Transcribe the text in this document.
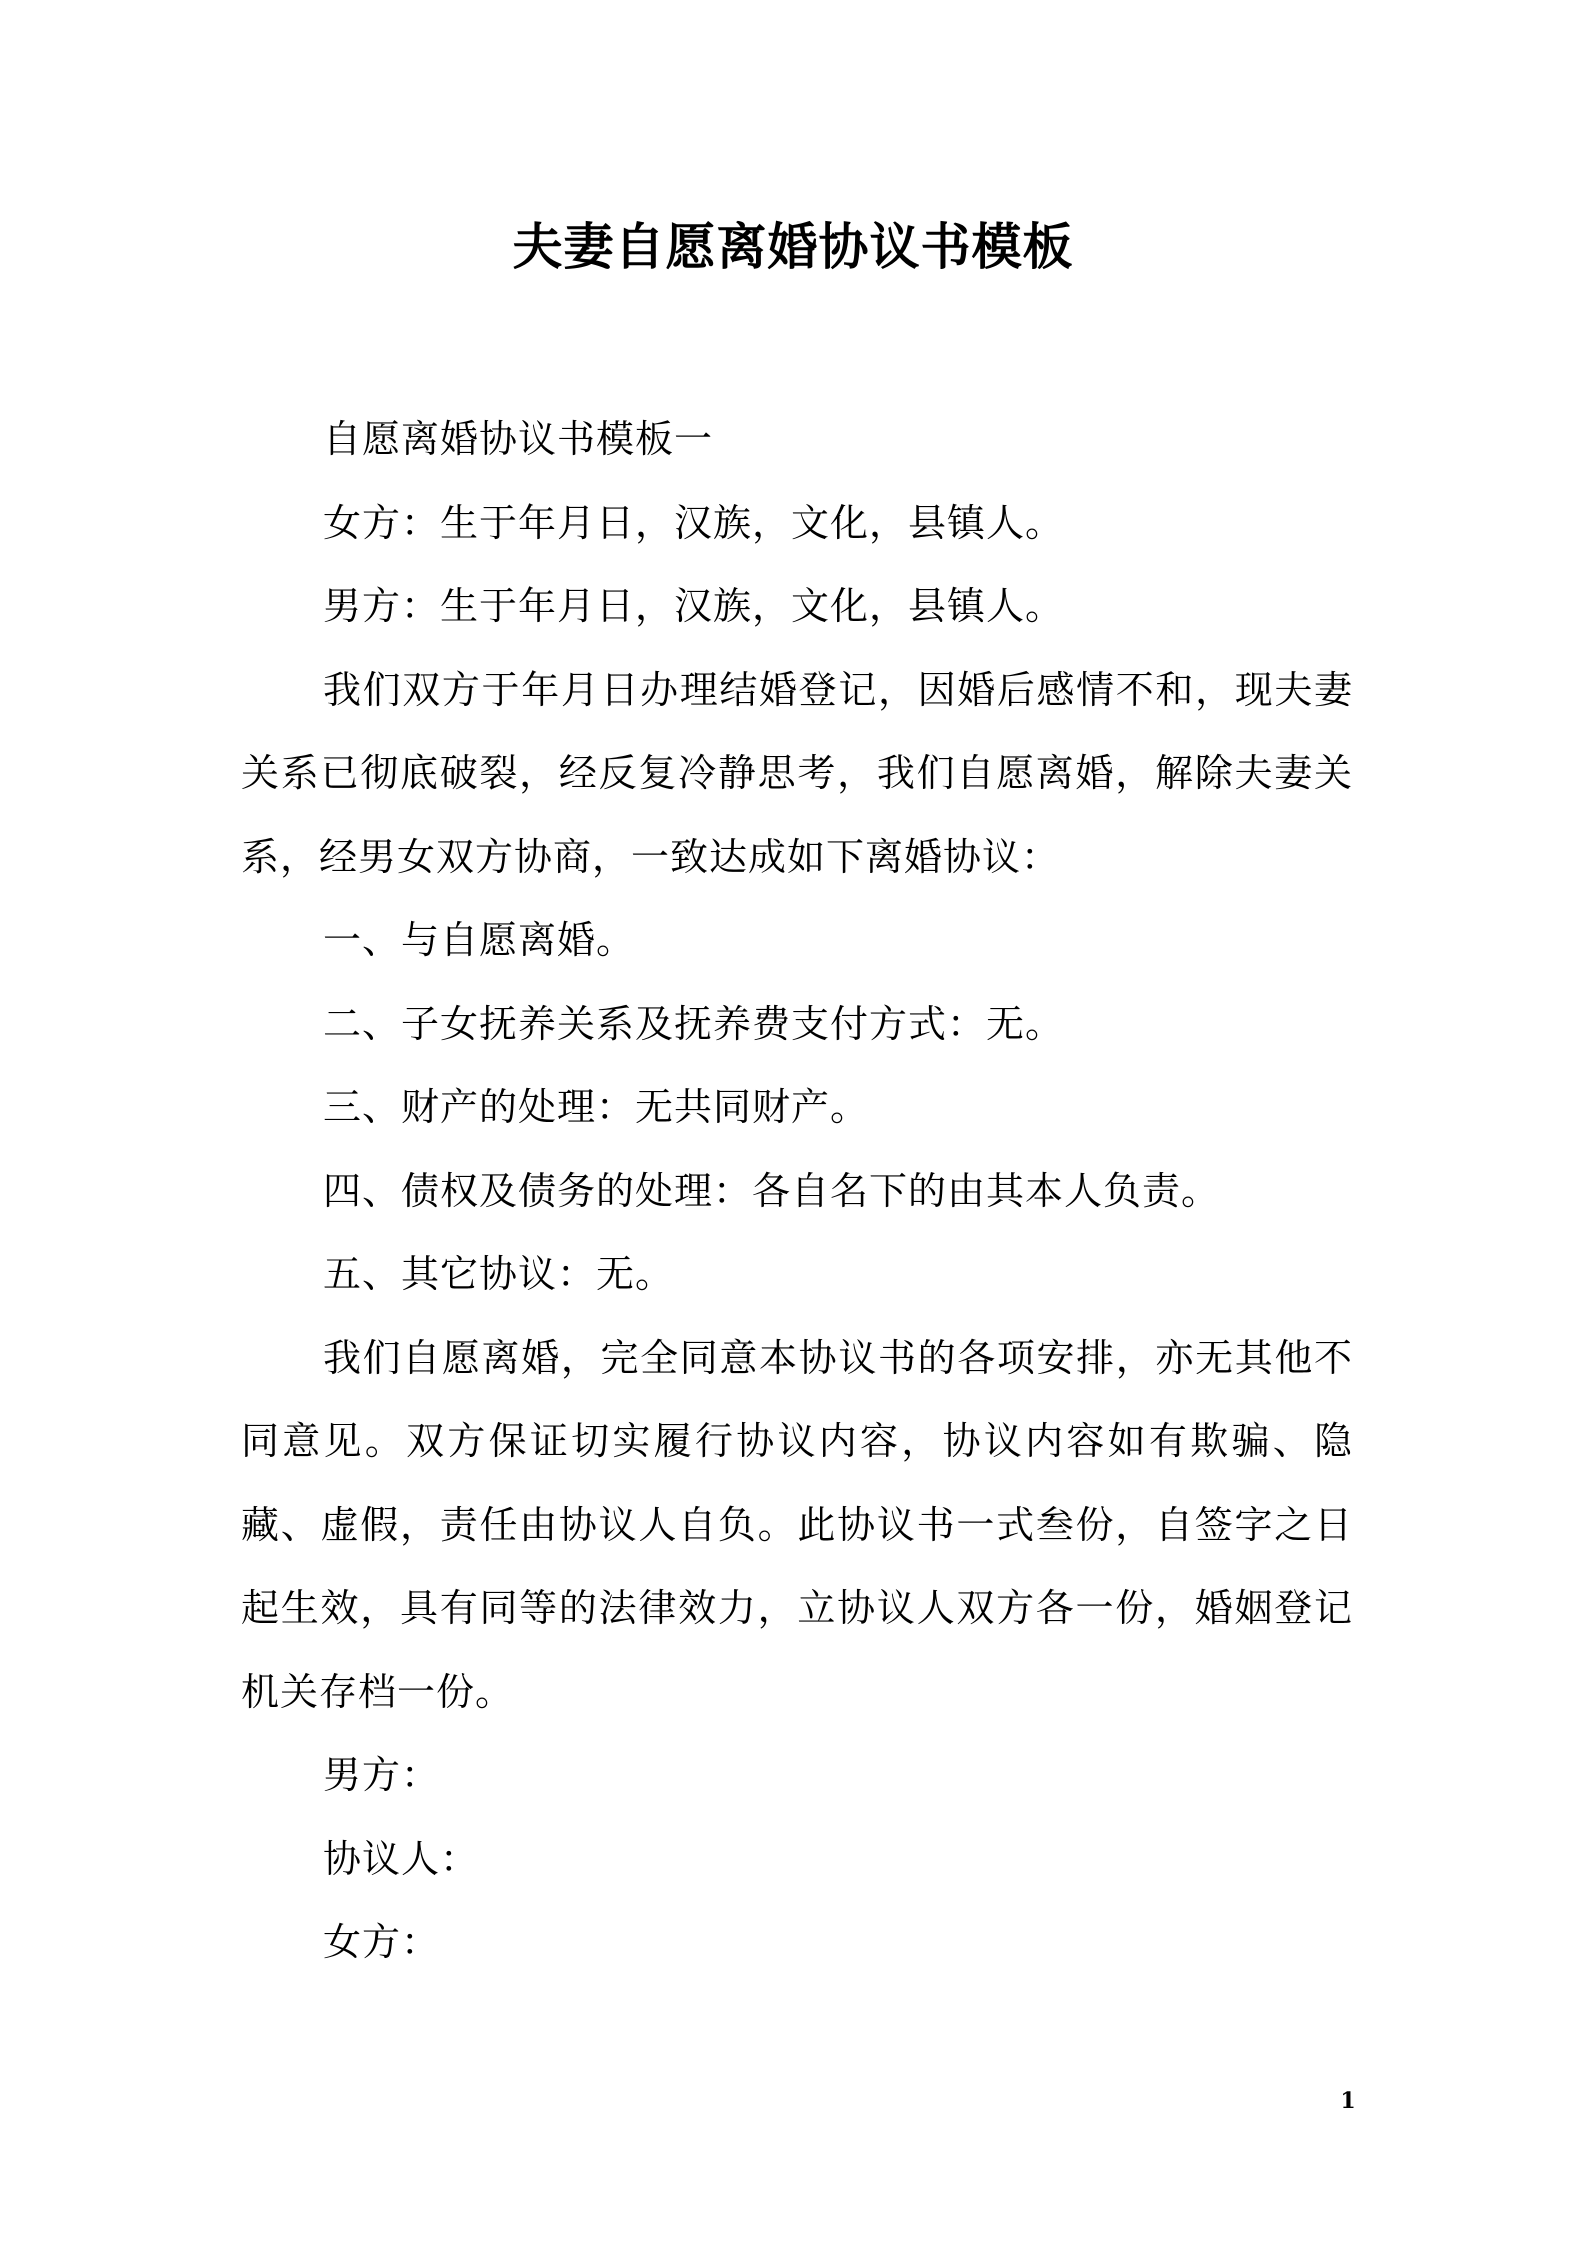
夫妻自愿离婚协议书模板

自愿离婚协议书模板一

女方：生于年月日，汉族，文化，县镇人。

男方：生于年月日，汉族，文化，县镇人。

我们双方于年月日办理结婚登记，因婚后感情不和，现夫妻关系已彻底破裂，经反复冷静思考，我们自愿离婚，解除夫妻关系，经男女双方协商，一致达成如下离婚协议：

一、与自愿离婚。

二、子女抚养关系及抚养费支付方式：无。

三、财产的处理：无共同财产。

四、债权及债务的处理：各自名下的由其本人负责。

五、其它协议：无。

我们自愿离婚，完全同意本协议书的各项安排，亦无其他不同意见。双方保证切实履行协议内容，协议内容如有欺骗、隐藏、虚假，责任由协议人自负。此协议书一式叁份，自签字之日起生效，具有同等的法律效力，立协议人双方各一份，婚姻登记机关存档一份。

男方：

协议人：

女方：

1
